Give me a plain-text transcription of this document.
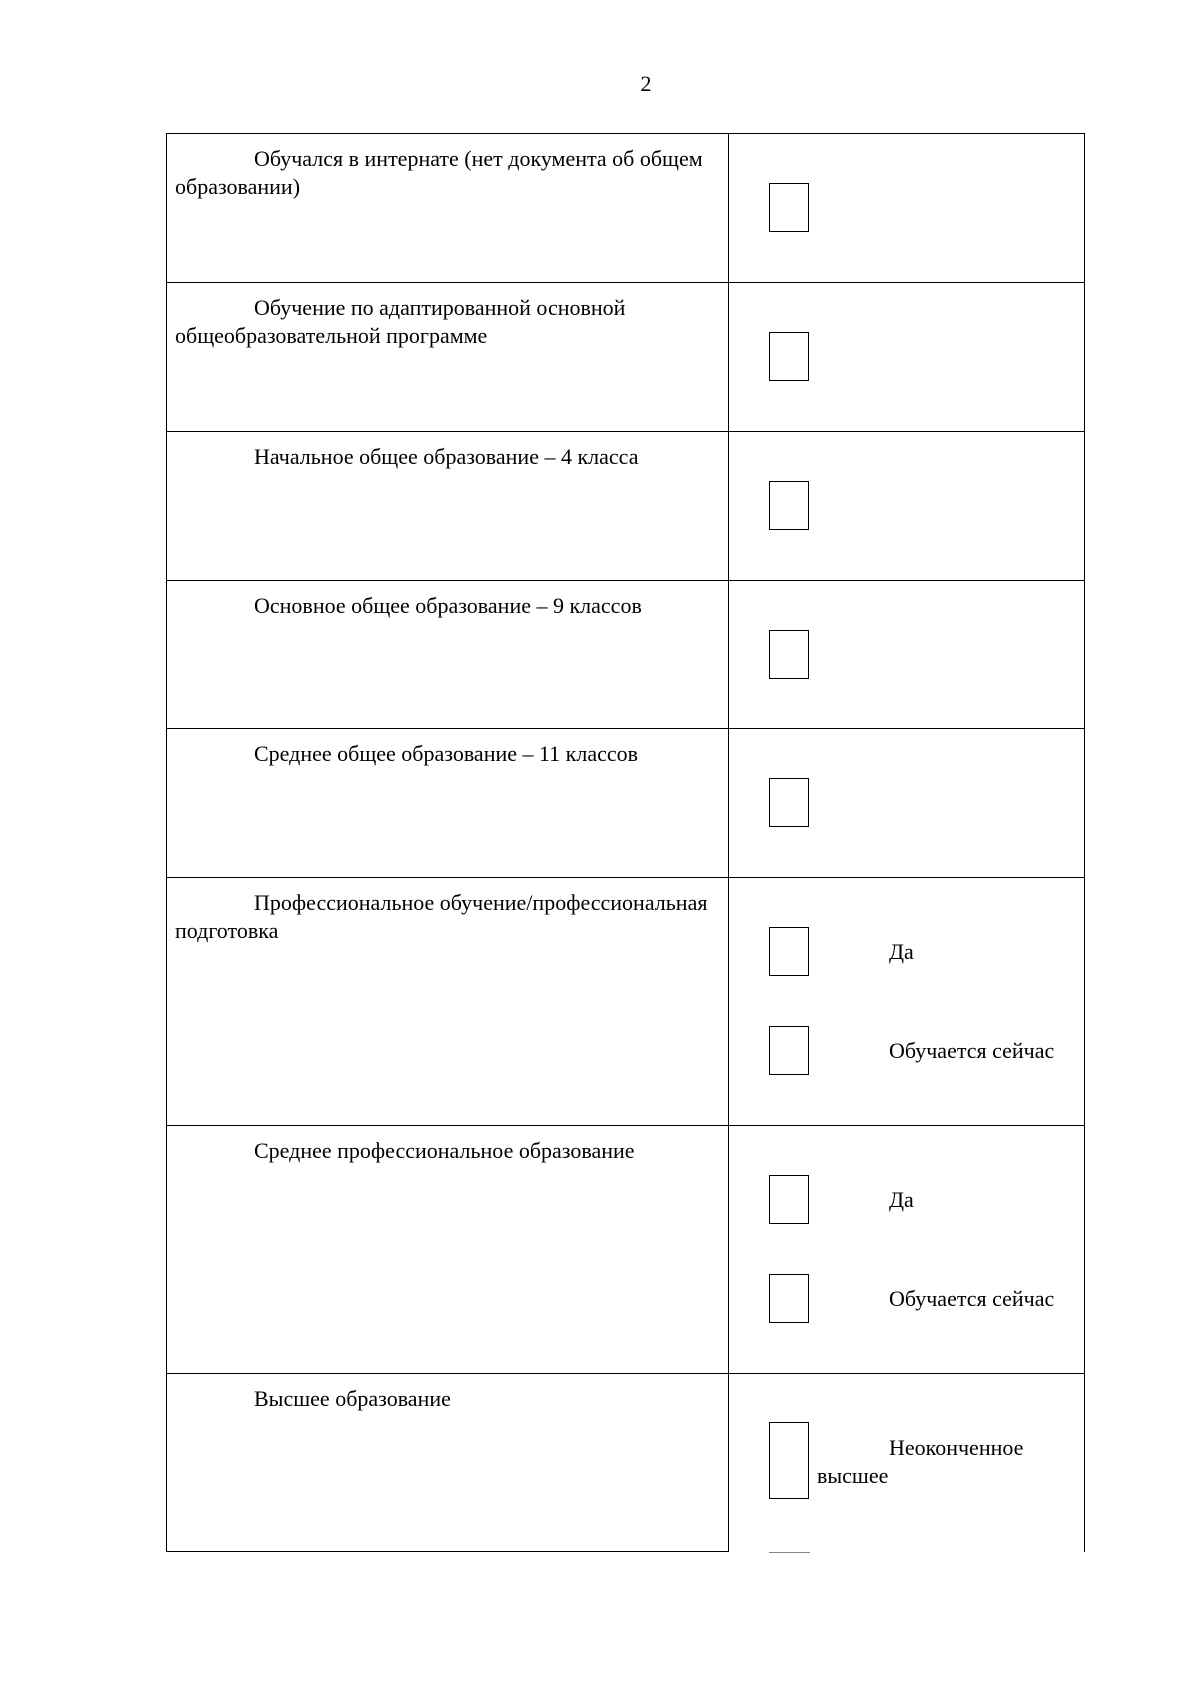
2
Обучался в интернате (нет документа об общем образовании)
Обучение по адаптированной основной общеобразовательной программе
Начальное общее образование – 4 класса
Основное общее образование – 9 классов
Среднее общее образование – 11 классов
Профессиональное обучение/профессиональная подготовка
Да
Обучается сейчас
Среднее профессиональное образование
Да
Обучается сейчас
Высшее образование
Неоконченное высшее
